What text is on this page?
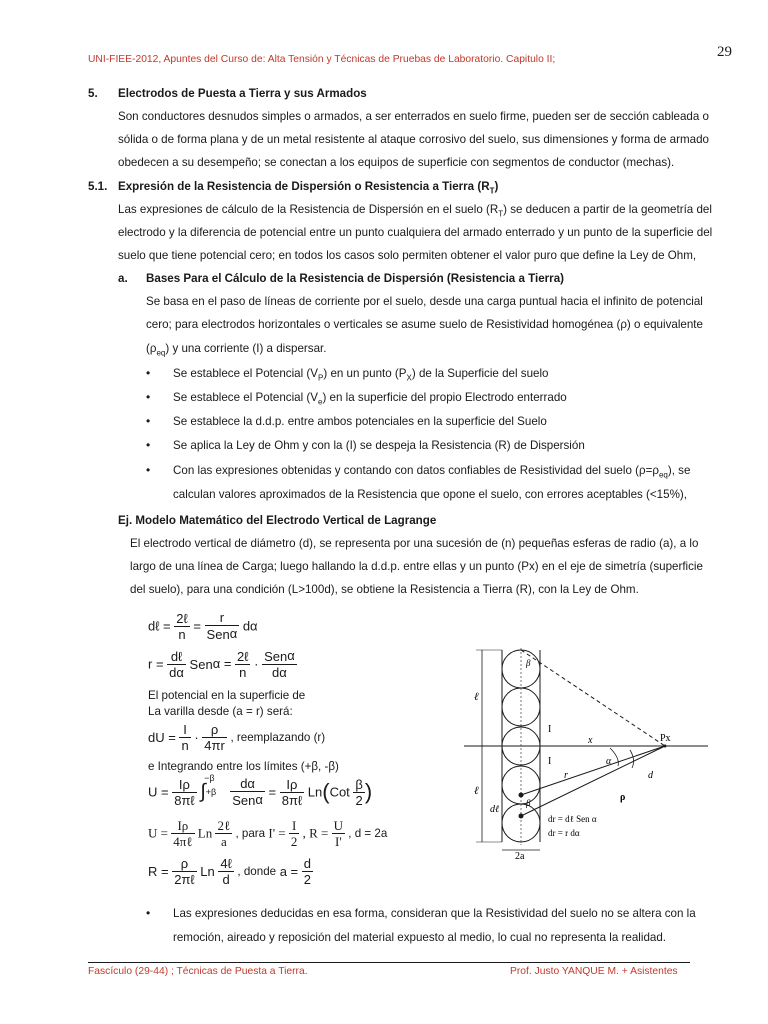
29
UNI-FIEE-2012, Apuntes del Curso de: Alta Tensión y Técnicas de Pruebas de Laboratorio. Capitulo II;
5. Electrodos de Puesta a Tierra y sus Armados
Son conductores desnudos simples o armados, a ser enterrados en suelo firme, pueden ser de sección cableada o
sólida o de forma plana y de un metal resistente al ataque corrosivo del suelo, sus dimensiones y forma de armado
obedecen a su desempeño; se conectan a los equipos de superficie con segmentos de conductor (mechas).
5.1. Expresión de la Resistencia de Dispersión o Resistencia a Tierra $(R_T)$
Las expresiones de cálculo de la Resistencia de Dispersión en el suelo $(R_T)$ se deducen a partir de la geometría del
electrodo y la diferencia de potencial entre un punto cualquiera del armado enterrado y un punto de la superficie del
suelo que tiene potencial cero; en todos los casos solo permiten obtener el valor puro que define la Ley de Ohm,
a. Bases Para el Cálculo de la Resistencia de Dispersión (Resistencia a Tierra)
Se basa en el paso de líneas de corriente por el suelo, desde una carga puntual hacia el infinito de potencial
cero; para electrodos horizontales o verticales se asume suelo de Resistividad homogénea (ρ) o equivalente
$(\rho_{eq})$ y una corriente (I) a dispersar.
• Se establece el Potencial $(V_P)$ en un punto $(P_X)$ de la Superficie del suelo
• Se establece el Potencial $(V_e)$ en la superficie del propio Electrodo enterrado
• Se establece la d.d.p. entre ambos potenciales en la superficie del Suelo
• Se aplica la Ley de Ohm y con la (I) se despeja la Resistencia (R) de Dispersión
• Con las expresiones obtenidas y contando con datos confiables de Resistividad del suelo $(\rho=\rho_{eq})$, se
calculan valores aproximados de la Resistencia que opone el suelo, con errores aceptables (<15%),
Ej. Modelo Matemático del Electrodo Vertical de Lagrange
El electrodo vertical de diámetro (d), se representa por una sucesión de (n) pequeñas esferas de radio (a), a lo
largo de una línea de Carga; luego hallando la d.d.p. entre ellas y un punto (Px) en el eje de simetría (superficie
del suelo), para una condición (L>100d), se obtiene la Resistencia a Tierra (R), con la Ley de Ohm.
dℓ = $\frac{\text{2ℓ}}{n} = \frac{r}{\text{Senα}}$ dα
$r = \frac{\text{dℓ}}{d\alpha}$ $Sen\alpha = \frac{\text{2ℓ}}{n} \cdot \frac{\text{Senα}}{d\alpha}$
El potencial en la superficie de
La varilla desde (a = r) será:
dU = $\frac{I}{n} \cdot \frac{\rho}{4\pi r}$ , reemplazando (r)
e Integrando entre los límites (+β, -β)
$U = \frac{I\rho}{\text{8πℓ}} \int+\beta^{-\beta} \frac{d\alpha}{\text{Senα}} = \frac{I\rho}{\text{8πℓ}} Ln(Cot \frac{\beta}{2}$ )
$U = \frac{I\rho}{\text{4πℓ}}$ Ln $\frac{\text{2ℓ}}{a}$ , para $I' = \frac{I}{2}$ , $R = \frac{U}{I'}$ , d = 2a
$R = \frac{\rho}{\text{2πℓ}}$ Ln $\frac{\text{4ℓ}}{d}$ , donde $a = \frac{d}{2}$
ℓ
ℓ
2a
Px
x
α
r	d
ρ
β
β
I
I
dℓ
dr = dℓ Sen α
dr = r dα
• Las expresiones deducidas en esa forma, consideran que la Resistividad del suelo no se altera con la
remoción, aireado y reposición del material expuesto al medio, lo cual no representa la realidad.
Fascículo (29-44) ; Técnicas de Puesta a Tierra.	Prof. Justo YANQUE M. + Asistentes
